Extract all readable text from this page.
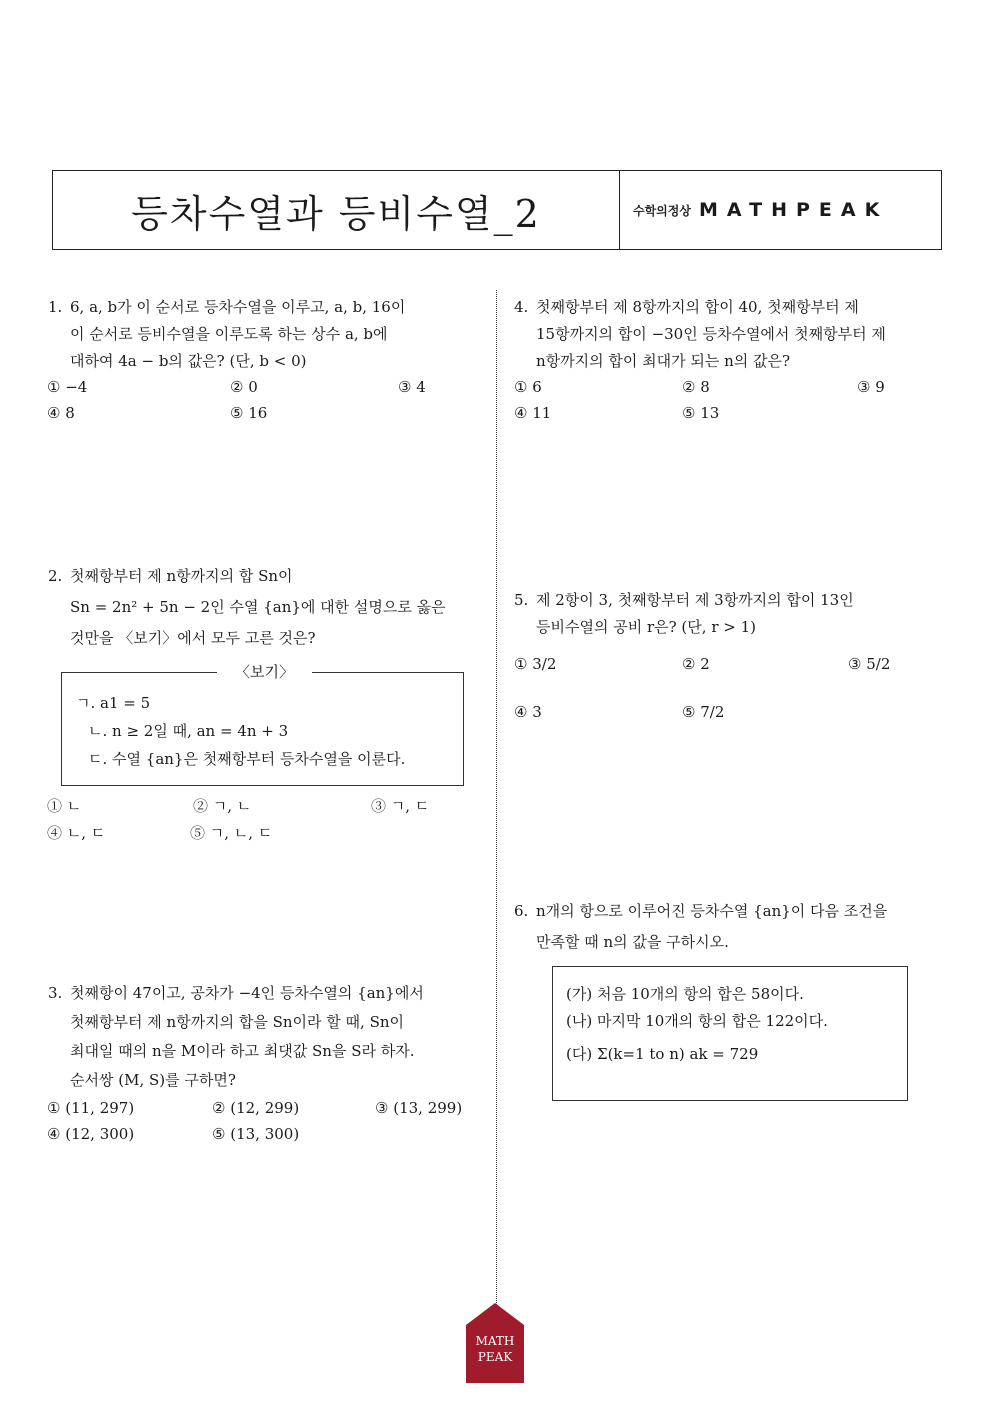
등차수열과 등비수열_2	수학의정상 MATHPEAK
1. 6, a, b가 이 순서로 등차수열을 이루고, a, b, 16이
이 순서로 등비수열을 이루도록 하는 상수 a, b에
대하여 4a − b의 값은? (단, b < 0)
① −4	② 0	③ 4
④ 8	⑤ 16
2. 첫째항부터 제 n항까지의 합 Sn이
Sn = 2n² + 5n − 2인 수열 {an}에 대한 설명으로 옳은
것만을 〈보기〉에서 모두 고른 것은?
〈보기〉
ㄱ. a1 = 5
ㄴ. n ≥ 2일 때, an = 4n + 3
ㄷ. 수열 {an}은 첫째항부터 등차수열을 이룬다.
① ㄴ	② ㄱ, ㄴ	③ ㄱ, ㄷ
④ ㄴ, ㄷ	⑤ ㄱ, ㄴ, ㄷ
3. 첫째항이 47이고, 공차가 −4인 등차수열의 {an}에서
첫째항부터 제 n항까지의 합을 Sn이라 할 때, Sn이
최대일 때의 n을 M이라 하고 최댓값 Sn을 S라 하자.
순서쌍 (M, S)를 구하면?
① (11, 297)	② (12, 299)	③ (13, 299)
④ (12, 300)	⑤ (13, 300)
4. 첫째항부터 제 8항까지의 합이 40, 첫째항부터 제
15항까지의 합이 −30인 등차수열에서 첫째항부터 제
n항까지의 합이 최대가 되는 n의 값은?
① 6	② 8	③ 9
④ 11	⑤ 13
5. 제 2항이 3, 첫째항부터 제 3항까지의 합이 13인
등비수열의 공비 r은? (단, r > 1)
① 3/2	② 2	③ 5/2
④ 3	⑤ 7/2
6. n개의 항으로 이루어진 등차수열 {an}이 다음 조건을
만족할 때 n의 값을 구하시오.
(가) 처음 10개의 항의 합은 58이다.
(나) 마지막 10개의 항의 합은 122이다.
(다) Σ(k=1 to n) ak = 729
MATH
PEAK
